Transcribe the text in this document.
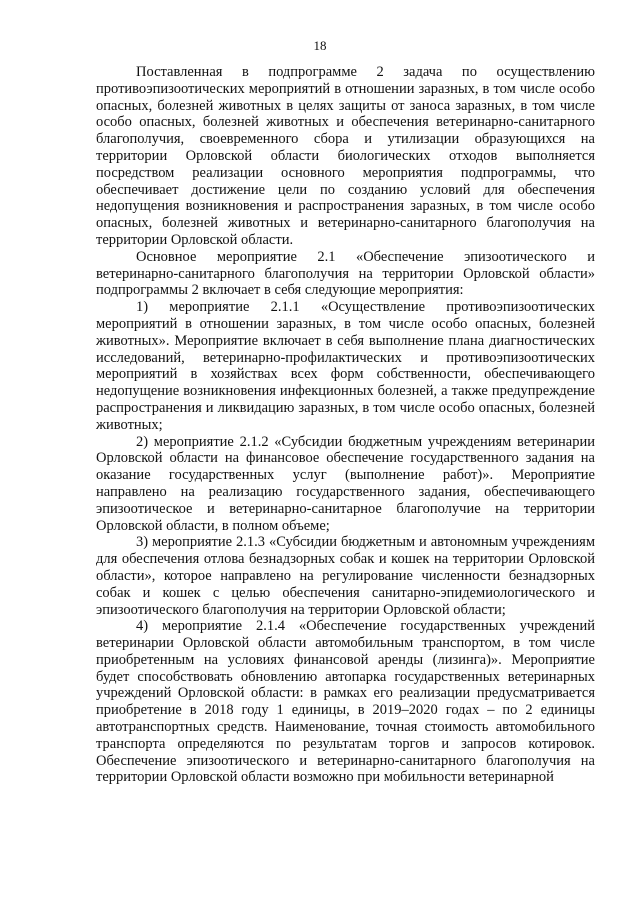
18

Поставленная в подпрограмме 2 задача по осуществлению противоэпизоотических мероприятий в отношении заразных, в том числе особо опасных, болезней животных в целях защиты от заноса заразных, в том числе особо опасных, болезней животных и обеспечения ветеринарно-санитарного благополучия, своевременного сбора и утилизации образующихся на территории Орловской области биологических отходов выполняется посредством реализации основного мероприятия подпрограммы, что обеспечивает достижение цели по созданию условий для обеспечения недопущения возникновения и распространения заразных, в том числе особо опасных, болезней животных и ветеринарно-санитарного благополучия на территории Орловской области.

Основное мероприятие 2.1 «Обеспечение эпизоотического и ветеринарно-санитарного благополучия на территории Орловской области» подпрограммы 2 включает в себя следующие мероприятия:

1) мероприятие 2.1.1 «Осуществление противоэпизоотических мероприятий в отношении заразных, в том числе особо опасных, болезней животных». Мероприятие включает в себя выполнение плана диагностических исследований, ветеринарно-профилактических и противоэпизоотических мероприятий в хозяйствах всех форм собственности, обеспечивающего недопущение возникновения инфекционных болезней, а также предупреждение распространения и ликвидацию заразных, в том числе особо опасных, болезней животных;

2) мероприятие 2.1.2 «Субсидии бюджетным учреждениям ветеринарии Орловской области на финансовое обеспечение государственного задания на оказание государственных услуг (выполнение работ)». Мероприятие направлено на реализацию государственного задания, обеспечивающего эпизоотическое и ветеринарно-санитарное благополучие на территории Орловской области, в полном объеме;

3) мероприятие 2.1.3 «Субсидии бюджетным и автономным учреждениям для обеспечения отлова безнадзорных собак и кошек на территории Орловской области», которое направлено на регулирование численности безнадзорных собак и кошек с целью обеспечения санитарно-эпидемиологического и эпизоотического благополучия на территории Орловской области;

4) мероприятие 2.1.4 «Обеспечение государственных учреждений ветеринарии Орловской области автомобильным транспортом, в том числе приобретенным на условиях финансовой аренды (лизинга)». Мероприятие будет способствовать обновлению автопарка государственных ветеринарных учреждений Орловской области: в рамках его реализации предусматривается приобретение в 2018 году 1 единицы, в 2019–2020 годах – по 2 единицы автотранспортных средств. Наименование, точная стоимость автомобильного транспорта определяются по результатам торгов и запросов котировок. Обеспечение эпизоотического и ветеринарно-санитарного благополучия на территории Орловской области возможно при мобильности ветеринарной
